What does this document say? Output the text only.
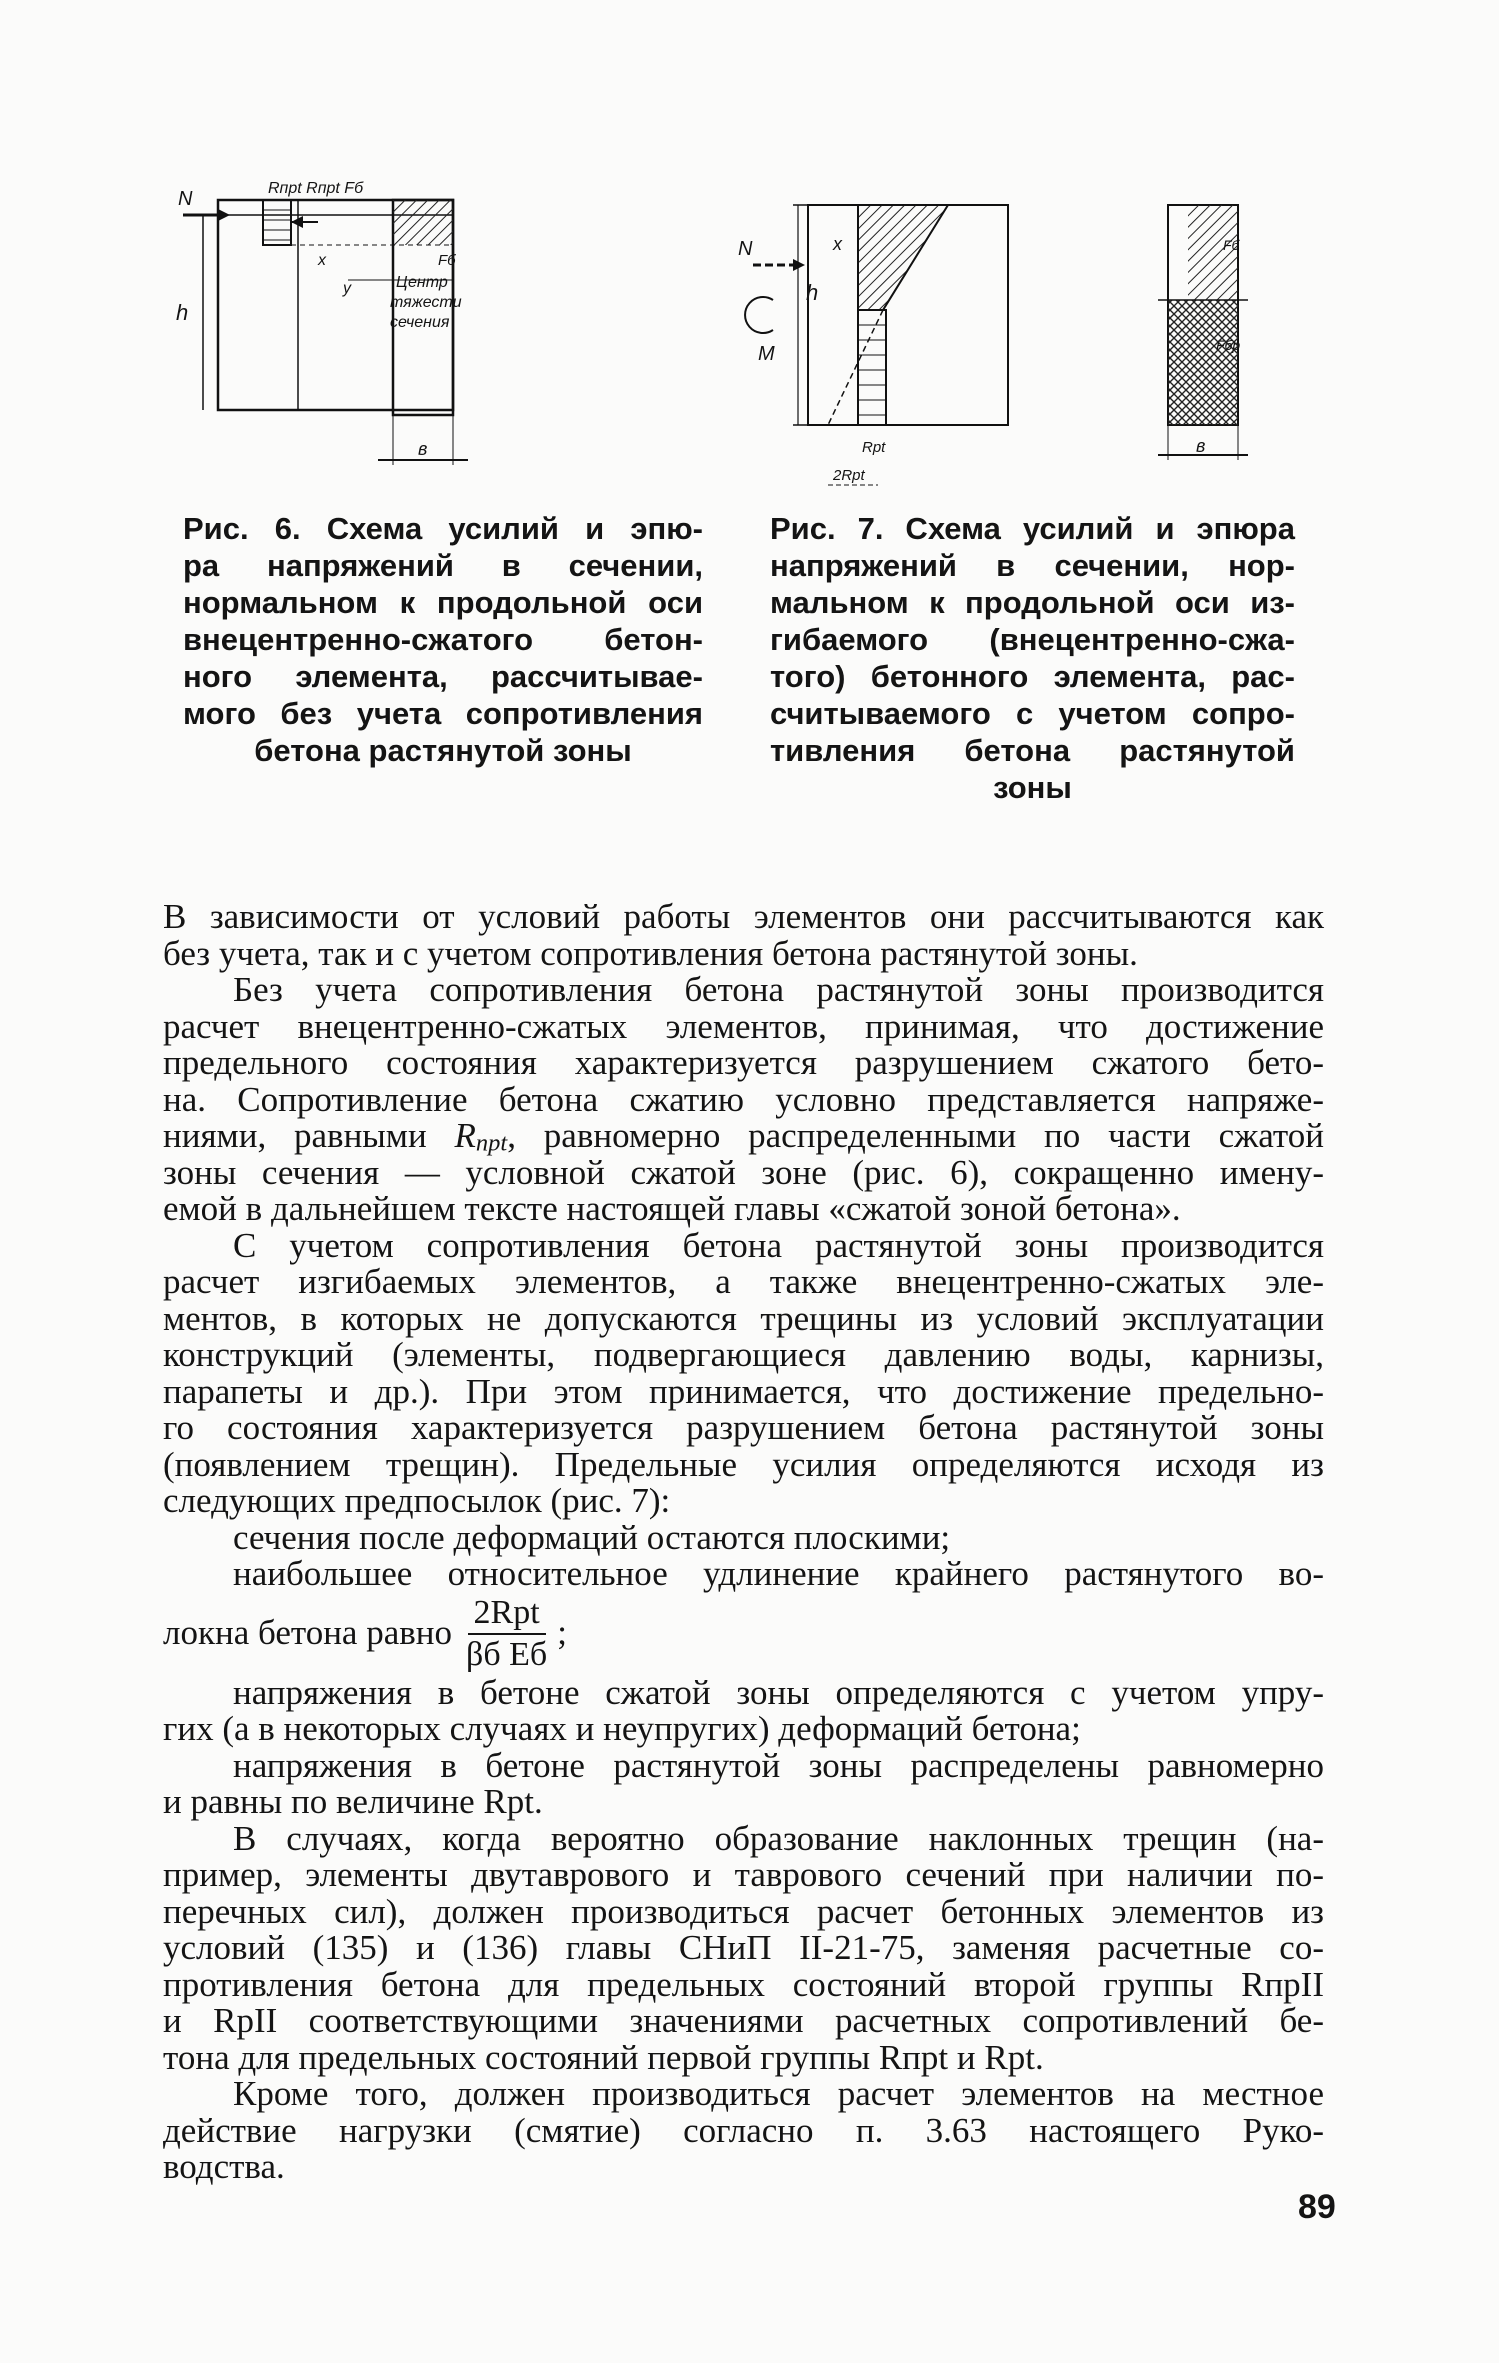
N	Rпрt Rпрt Fб
h
x
y
Fб
Центр
тяжести
сечения
в
N
M
h
x
Rpt
2Rpt
Fб
Fбр
в
Рис. 6. Схема усилий и эпю-
ра напряжений в сечении,
нормальном к продольной оси
внецентренно-сжатого бетон-
ного элемента, рассчитывае-
мого без учета сопротивления
бетона растянутой зоны
Рис. 7. Схема усилий и эпюра
напряжений в сечении, нор-
мальном к продольной оси из-
гибаемого (внецентренно-сжа-
того) бетонного элемента, рас-
считываемого с учетом сопро-
тивления бетона растянутой
зоны
В зависимости от условий работы элементов они рассчитываются как
без учета, так и с учетом сопротивления бетона растянутой зоны.
Без учета сопротивления бетона растянутой зоны производится
расчет внецентренно-сжатых элементов, принимая, что достижение
предельного состояния характеризуется разрушением сжатого бето-
на. Сопротивление бетона сжатию условно представляется напряже-
ниями, равными Rпрt, равномерно распределенными по части сжатой
зоны сечения — условной сжатой зоне (рис. 6), сокращенно имену-
емой в дальнейшем тексте настоящей главы «сжатой зоной бетона».
С учетом сопротивления бетона растянутой зоны производится
расчет изгибаемых элементов, а также внецентренно-сжатых эле-
ментов, в которых не допускаются трещины из условий эксплуатации
конструкций (элементы, подвергающиеся давлению воды, карнизы,
парапеты и др.). При этом принимается, что достижение предельно-
го состояния характеризуется разрушением бетона растянутой зоны
(появлением трещин). Предельные усилия определяются исходя из
следующих предпосылок (рис. 7):
сечения после деформаций остаются плоскими;
наибольшее относительное удлинение крайнего растянутого во-
локна бетона равно $\frac{\text{2Rpt}}{\text{βб Eб}}$ ;
напряжения в бетоне сжатой зоны определяются с учетом упру-
гих (а в некоторых случаях и неупругих) деформаций бетона;
напряжения в бетоне растянутой зоны распределены равномерно
и равны по величине Rpt.
В случаях, когда вероятно образование наклонных трещин (на-
пример, элементы двутаврового и таврового сечений при наличии по-
перечных сил), должен производиться расчет бетонных элементов из
условий (135) и (136) главы СНиП II-21-75, заменяя расчетные со-
противления бетона для предельных состояний второй группы RпрII
и RpII соответствующими значениями расчетных сопротивлений бе-
тона для предельных состояний первой группы Rпрt и Rpt.
Кроме того, должен производиться расчет элементов на местное
действие нагрузки (смятие) согласно п. 3.63 настоящего Руко-
водства.
89
